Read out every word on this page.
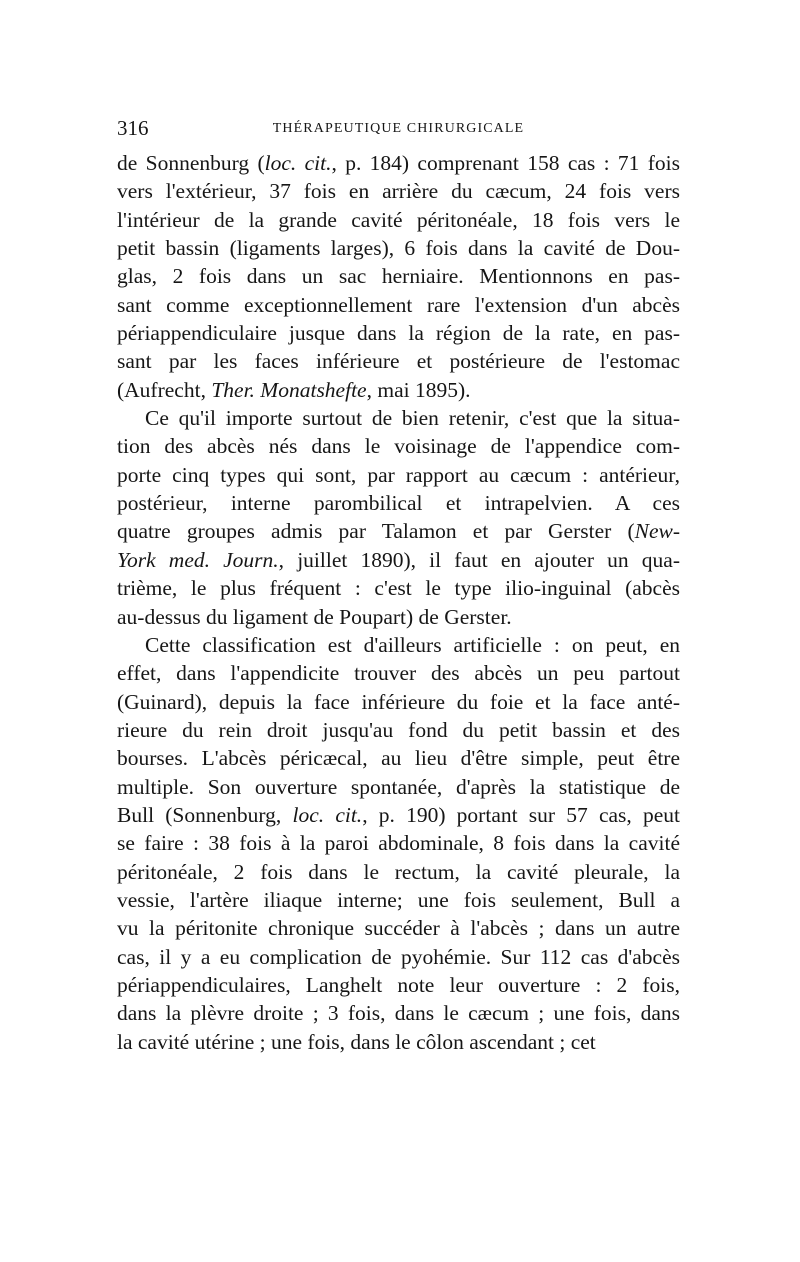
316	THÉRAPEUTIQUE CHIRURGICALE
de Sonnenburg (loc. cit., p. 184) comprenant 158 cas : 71 fois
vers l'extérieur, 37 fois en arrière du cæcum, 24 fois vers
l'intérieur de la grande cavité péritonéale, 18 fois vers le
petit bassin (ligaments larges), 6 fois dans la cavité de Dou-
glas, 2 fois dans un sac herniaire. Mentionnons en pas-
sant comme exceptionnellement rare l'extension d'un abcès
périappendiculaire jusque dans la région de la rate, en pas-
sant par les faces inférieure et postérieure de l'estomac
(Aufrecht, Ther. Monatshefte, mai 1895).
Ce qu'il importe surtout de bien retenir, c'est que la situa-
tion des abcès nés dans le voisinage de l'appendice com-
porte cinq types qui sont, par rapport au cæcum : antérieur,
postérieur, interne parombilical et intrapelvien. A ces
quatre groupes admis par Talamon et par Gerster (New-
York med. Journ., juillet 1890), il faut en ajouter un qua-
trième, le plus fréquent : c'est le type ilio-inguinal (abcès
au-dessus du ligament de Poupart) de Gerster.
Cette classification est d'ailleurs artificielle : on peut, en
effet, dans l'appendicite trouver des abcès un peu partout
(Guinard), depuis la face inférieure du foie et la face anté-
rieure du rein droit jusqu'au fond du petit bassin et des
bourses. L'abcès péricæcal, au lieu d'être simple, peut être
multiple. Son ouverture spontanée, d'après la statistique de
Bull (Sonnenburg, loc. cit., p. 190) portant sur 57 cas, peut
se faire : 38 fois à la paroi abdominale, 8 fois dans la cavité
péritonéale, 2 fois dans le rectum, la cavité pleurale, la
vessie, l'artère iliaque interne; une fois seulement, Bull a
vu la péritonite chronique succéder à l'abcès ; dans un autre
cas, il y a eu complication de pyohémie. Sur 112 cas d'abcès
périappendiculaires, Langhelt note leur ouverture : 2 fois,
dans la plèvre droite ; 3 fois, dans le cæcum ; une fois, dans
la cavité utérine ; une fois, dans le côlon ascendant ; cet
